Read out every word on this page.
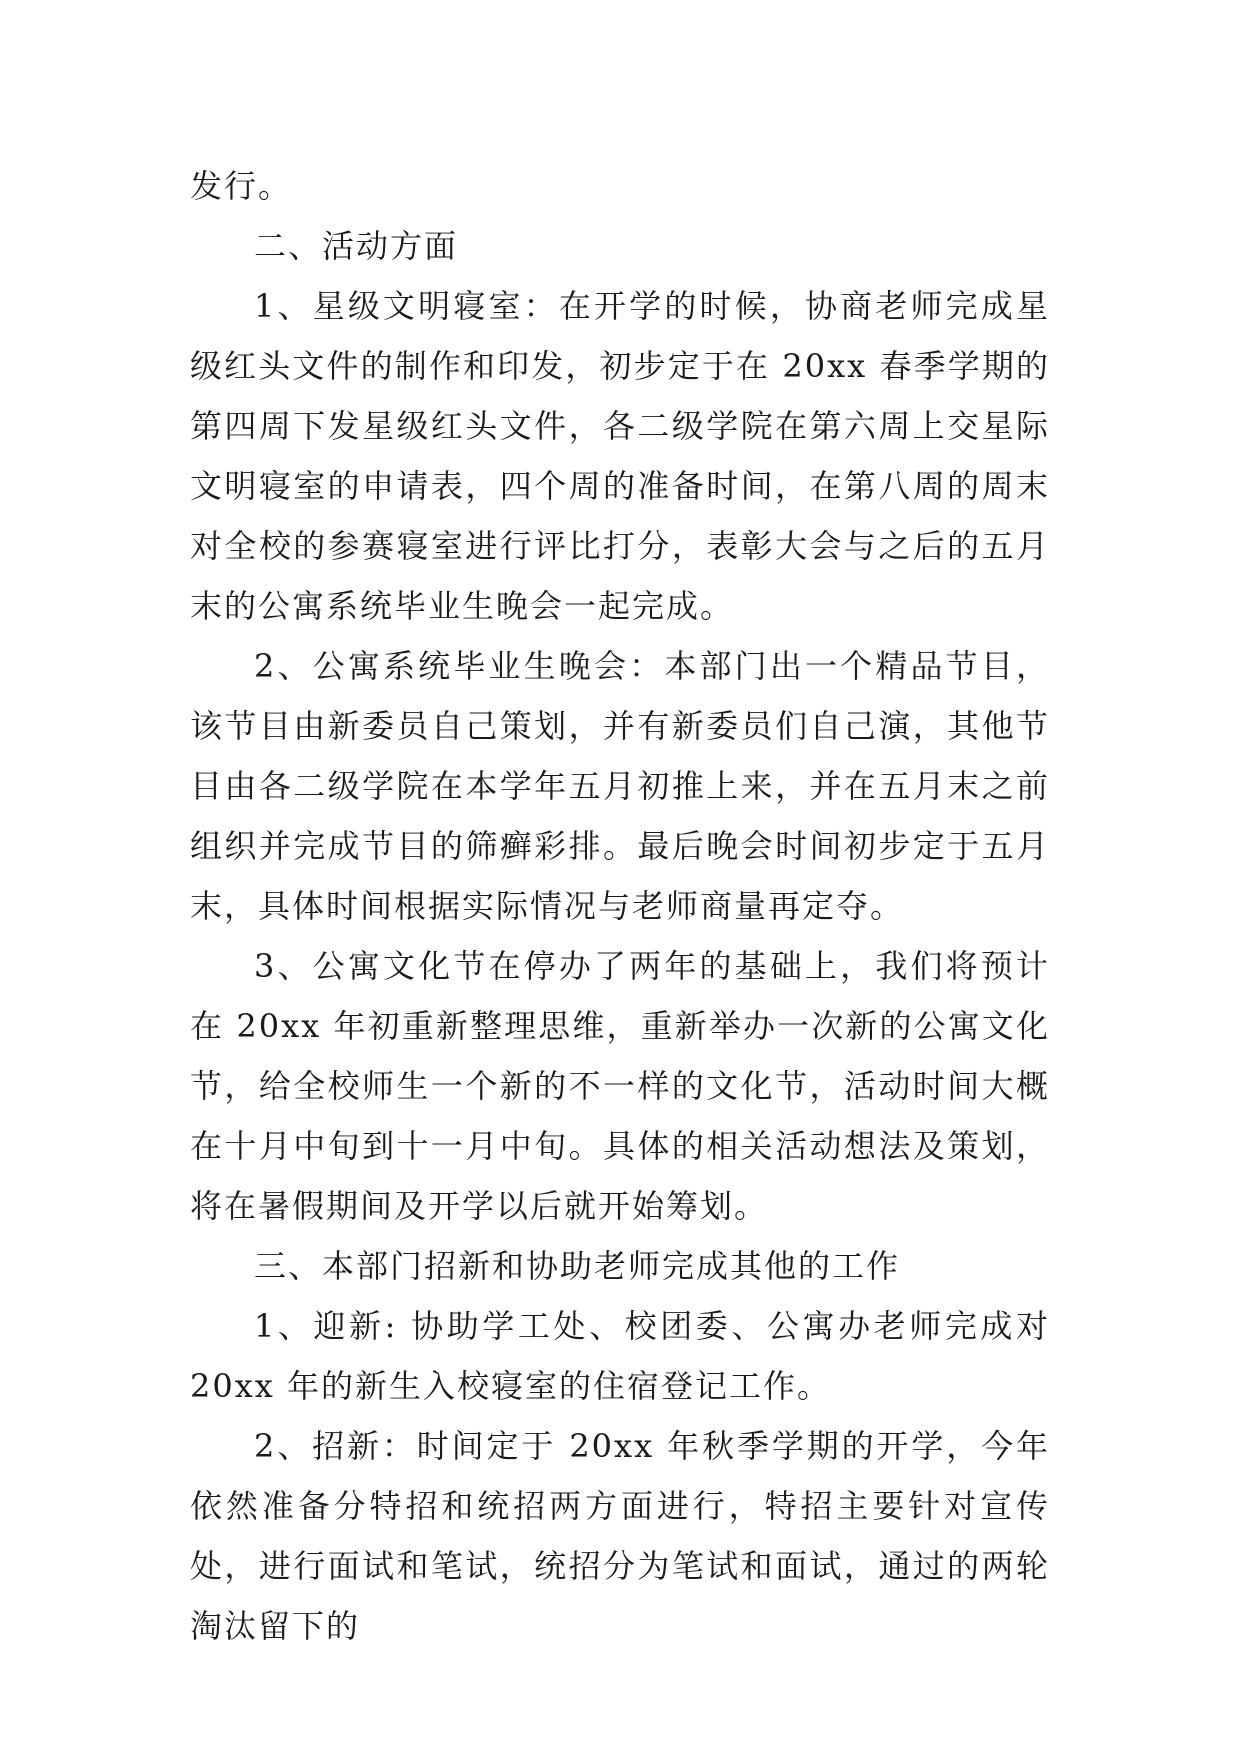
发行。

二、活动方面

1、星级文明寝室：在开学的时候，协商老师完成星级红头文件的制作和印发，初步定于在 20xx 春季学期的第四周下发星级红头文件，各二级学院在第六周上交星际文明寝室的申请表，四个周的准备时间，在第八周的周末对全校的参赛寝室进行评比打分，表彰大会与之后的五月末的公寓系统毕业生晚会一起完成。

2、公寓系统毕业生晚会：本部门出一个精品节目，该节目由新委员自己策划，并有新委员们自己演，其他节目由各二级学院在本学年五月初推上来，并在五月末之前组织并完成节目的筛癣彩排。最后晚会时间初步定于五月末，具体时间根据实际情况与老师商量再定夺。

3、公寓文化节在停办了两年的基础上，我们将预计在 20xx 年初重新整理思维，重新举办一次新的公寓文化节，给全校师生一个新的不一样的文化节，活动时间大概在十月中旬到十一月中旬。具体的相关活动想法及策划，将在暑假期间及开学以后就开始筹划。

三、本部门招新和协助老师完成其他的工作

1、迎新: 协助学工处、校团委、公寓办老师完成对 20xx 年的新生入校寝室的住宿登记工作。

2、招新：时间定于 20xx 年秋季学期的开学，今年依然准备分特招和统招两方面进行，特招主要针对宣传处，进行面试和笔试，统招分为笔试和面试，通过的两轮淘汰留下的
